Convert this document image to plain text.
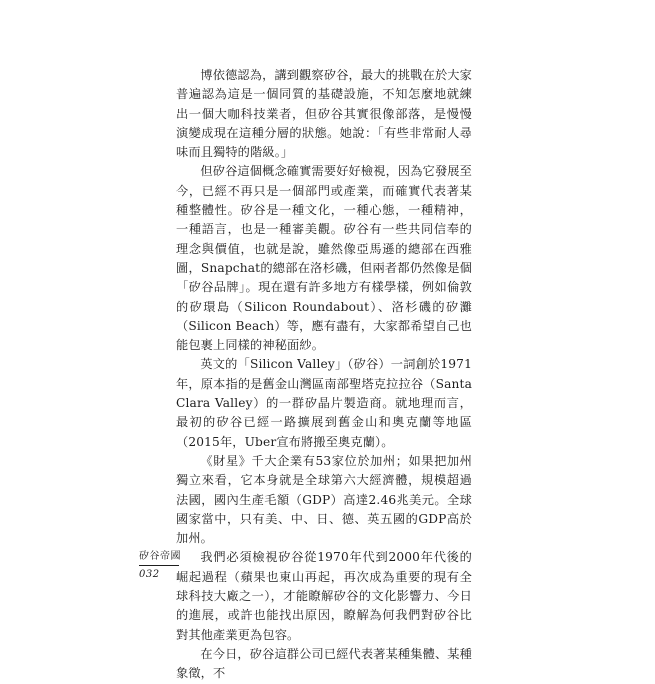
博依德認為，講到觀察矽谷，最大的挑戰在於大家普遍認為這是一個同質的基礎設施，不知怎麼地就練出一個大咖科技業者，但矽谷其實很像部落，是慢慢演變成現在這種分層的狀態。她說：「有些非常耐人尋味而且獨特的階級。」

但矽谷這個概念確實需要好好檢視，因為它發展至今，已經不再只是一個部門或產業，而確實代表著某種整體性。矽谷是一種文化，一種心態，一種精神，一種語言，也是一種審美觀。矽谷有一些共同信奉的理念與價值，也就是說，雖然像亞馬遜的總部在西雅圖，Snapchat的總部在洛杉磯，但兩者都仍然像是個「矽谷品牌」。現在還有許多地方有樣學樣，例如倫敦的矽環島（Silicon Roundabout）、洛杉磯的矽灘（Silicon Beach）等，應有盡有，大家都希望自己也能包裹上同樣的神秘面紗。

英文的「Silicon Valley」（矽谷）一詞創於1971年，原本指的是舊金山灣區南部聖塔克拉拉谷（Santa Clara Valley）的一群矽晶片製造商。就地理而言，最初的矽谷已經一路擴展到舊金山和奧克蘭等地區（2015年，Uber宣布將搬至奧克蘭）。

《財星》千大企業有53家位於加州；如果把加州獨立來看，它本身就是全球第六大經濟體，規模超過法國，國內生產毛額（GDP）高達2.46兆美元。全球國家當中，只有美、中、日、德、英五國的GDP高於加州。

我們必須檢視矽谷從1970年代到2000年代後的崛起過程（蘋果也東山再起，再次成為重要的現有全球科技大廠之一），才能瞭解矽谷的文化影響力、今日的進展，或許也能找出原因，瞭解為何我們對矽谷比對其他產業更為包容。

在今日，矽谷這群公司已經代表著某種集體、某種象徵，不

矽谷帝國
032
